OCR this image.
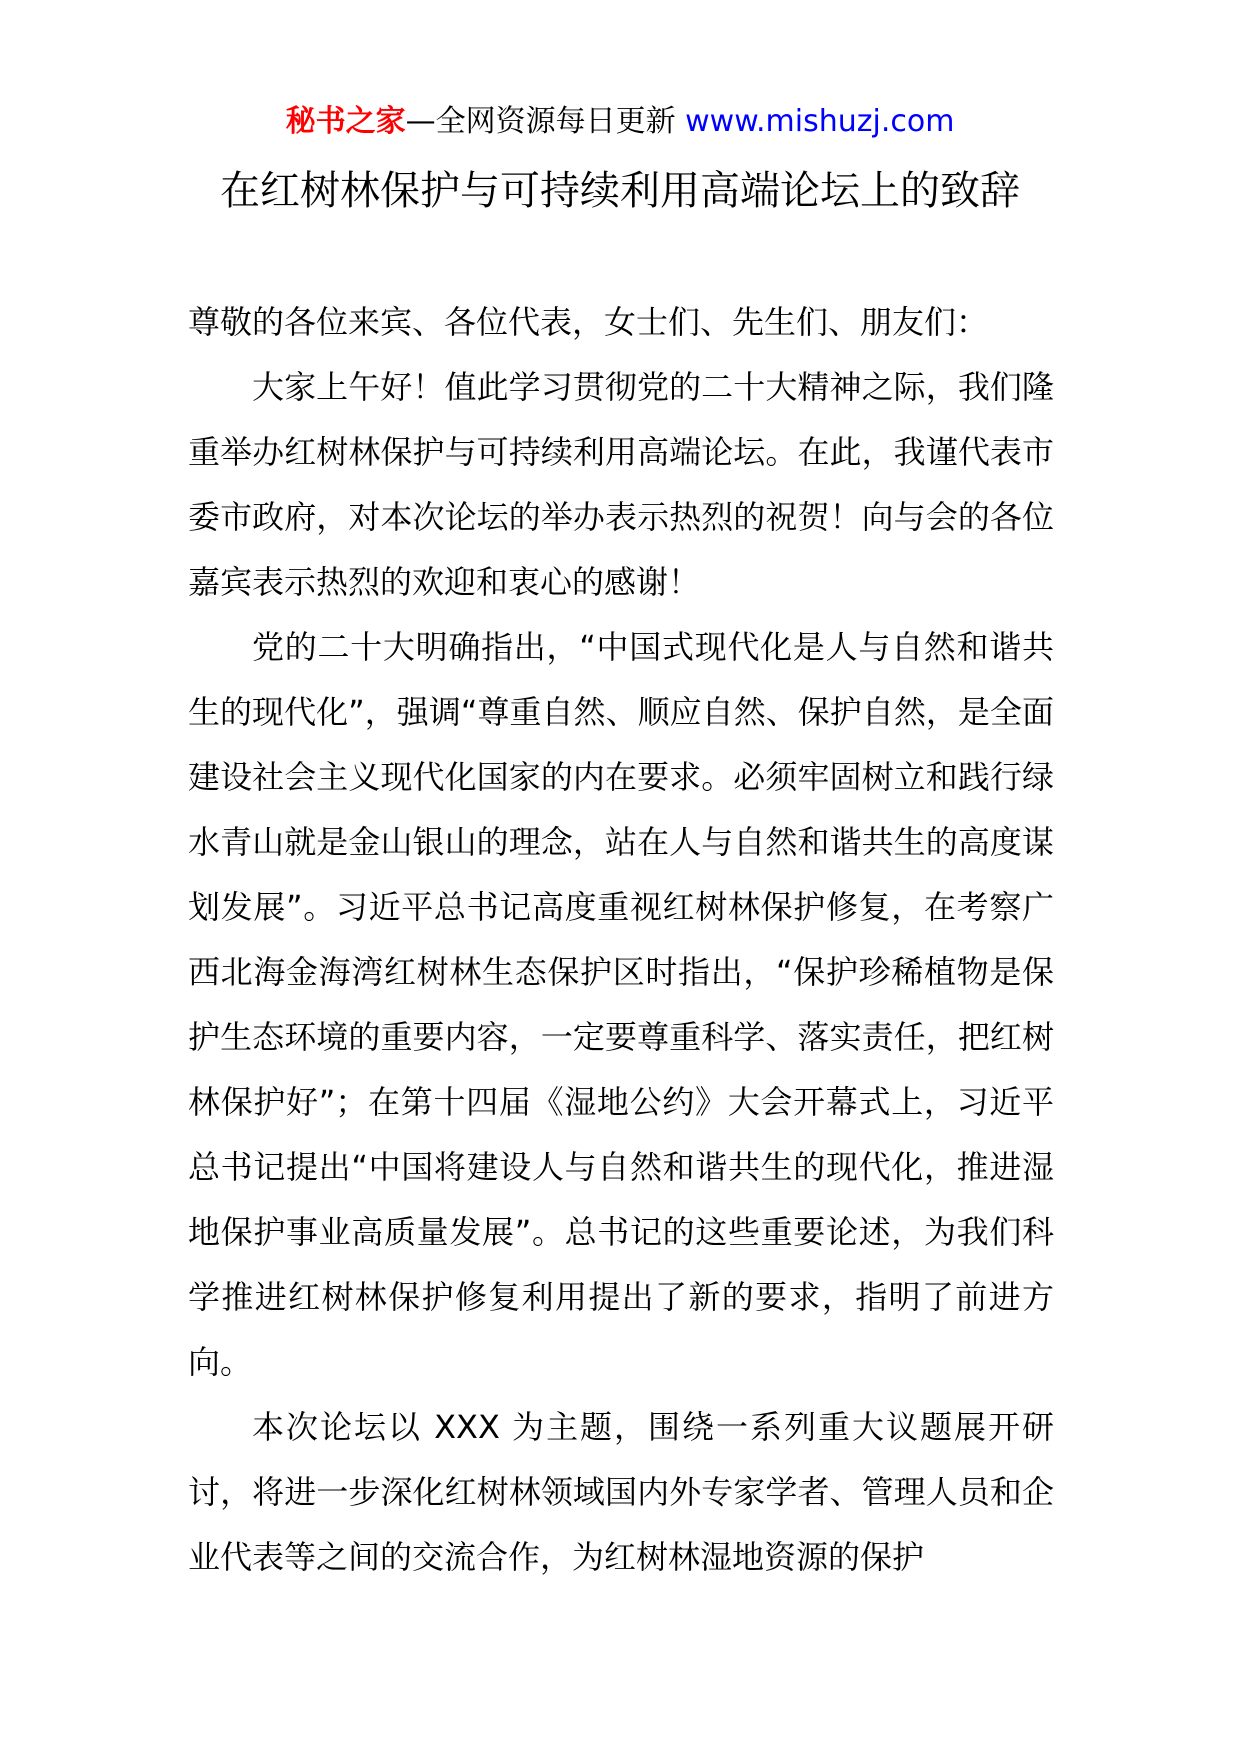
秘书之家—全网资源每日更新 www.mishuzj.com
在红树林保护与可持续利用高端论坛上的致辞

尊敬的各位来宾、各位代表，女士们、先生们、朋友们：

大家上午好！值此学习贯彻党的二十大精神之际，我们隆重举办红树林保护与可持续利用高端论坛。在此，我谨代表市委市政府，对本次论坛的举办表示热烈的祝贺！向与会的各位嘉宾表示热烈的欢迎和衷心的感谢！

党的二十大明确指出，“中国式现代化是人与自然和谐共生的现代化”，强调“尊重自然、顺应自然、保护自然，是全面建设社会主义现代化国家的内在要求。必须牢固树立和践行绿水青山就是金山银山的理念，站在人与自然和谐共生的高度谋划发展”。习近平总书记高度重视红树林保护修复，在考察广西北海金海湾红树林生态保护区时指出，“保护珍稀植物是保护生态环境的重要内容，一定要尊重科学、落实责任，把红树林保护好”；在第十四届《湿地公约》大会开幕式上，习近平总书记提出“中国将建设人与自然和谐共生的现代化，推进湿地保护事业高质量发展”。总书记的这些重要论述，为我们科学推进红树林保护修复利用提出了新的要求，指明了前进方向。

本次论坛以 XXX 为主题，围绕一系列重大议题展开研讨，将进一步深化红树林领域国内外专家学者、管理人员和企业代表等之间的交流合作，为红树林湿地资源的保护
